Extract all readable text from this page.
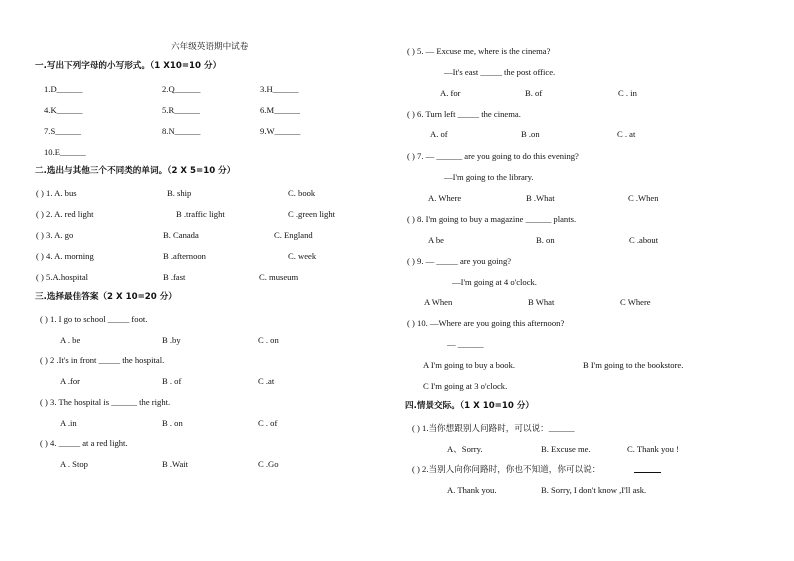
六年级英语期中试卷
一.写出下列字母的小写形式。（1 X10=10 分）
1.D______	2.Q______	3.H______
4.K______	5.R______	6.M______
7.S______	8.N______	9.W______
10.E______
二.选出与其他三个不同类的单词。（2 X 5=10 分）
( ) 1. A. bus	B. ship	C. book
( ) 2. A. red light	B .traffic light	C .green light
( ) 3. A. go	B. Canada	C. England
( ) 4. A. morning	B .afternoon	C. week
( ) 5.A.hospital	B .fast	C. museum
三.选择最佳答案（2 X 10=20 分）
( ) 1. I go to school _____ foot.
A . be	B .by	C . on
( ) 2 .It's in front _____ the hospital.
A .for	B . of	C .at
( ) 3. The hospital is ______ the right.
A .in	B . on	C . of
( ) 4. _____ at a red light.
A . Stop	B .Wait	C .Go
( ) 5. — Excuse me, where is the cinema?
—It's east _____ the post office.
A. for	B. of	C . in
( ) 6. Turn left _____ the cinema.
A. of	B .on	C . at
( ) 7. — ______ are you going to do this evening?
—I'm going to the library.
A. Where	B .What	C .When
( ) 8. I'm going to buy a magazine ______ plants.
A be	B. on	C .about
( ) 9. — _____ are you going?
—I'm going at 4 o'clock.
A When	B What	C Where
( ) 10. —Where are you going this afternoon?
— ______
A I'm going to buy a book.	B I'm going to the bookstore.
C I'm going at 3 o'clock.
四.情景交际。（1 X 10=10 分）
( ) 1.当你想跟别人问路时，可以说：______
A、Sorry.	B. Excuse me.	C. Thank you !
( ) 2.当别人向你问路时，你也不知道，你可以说：
A. Thank you.	B. Sorry, I don't know ,I'll ask.
